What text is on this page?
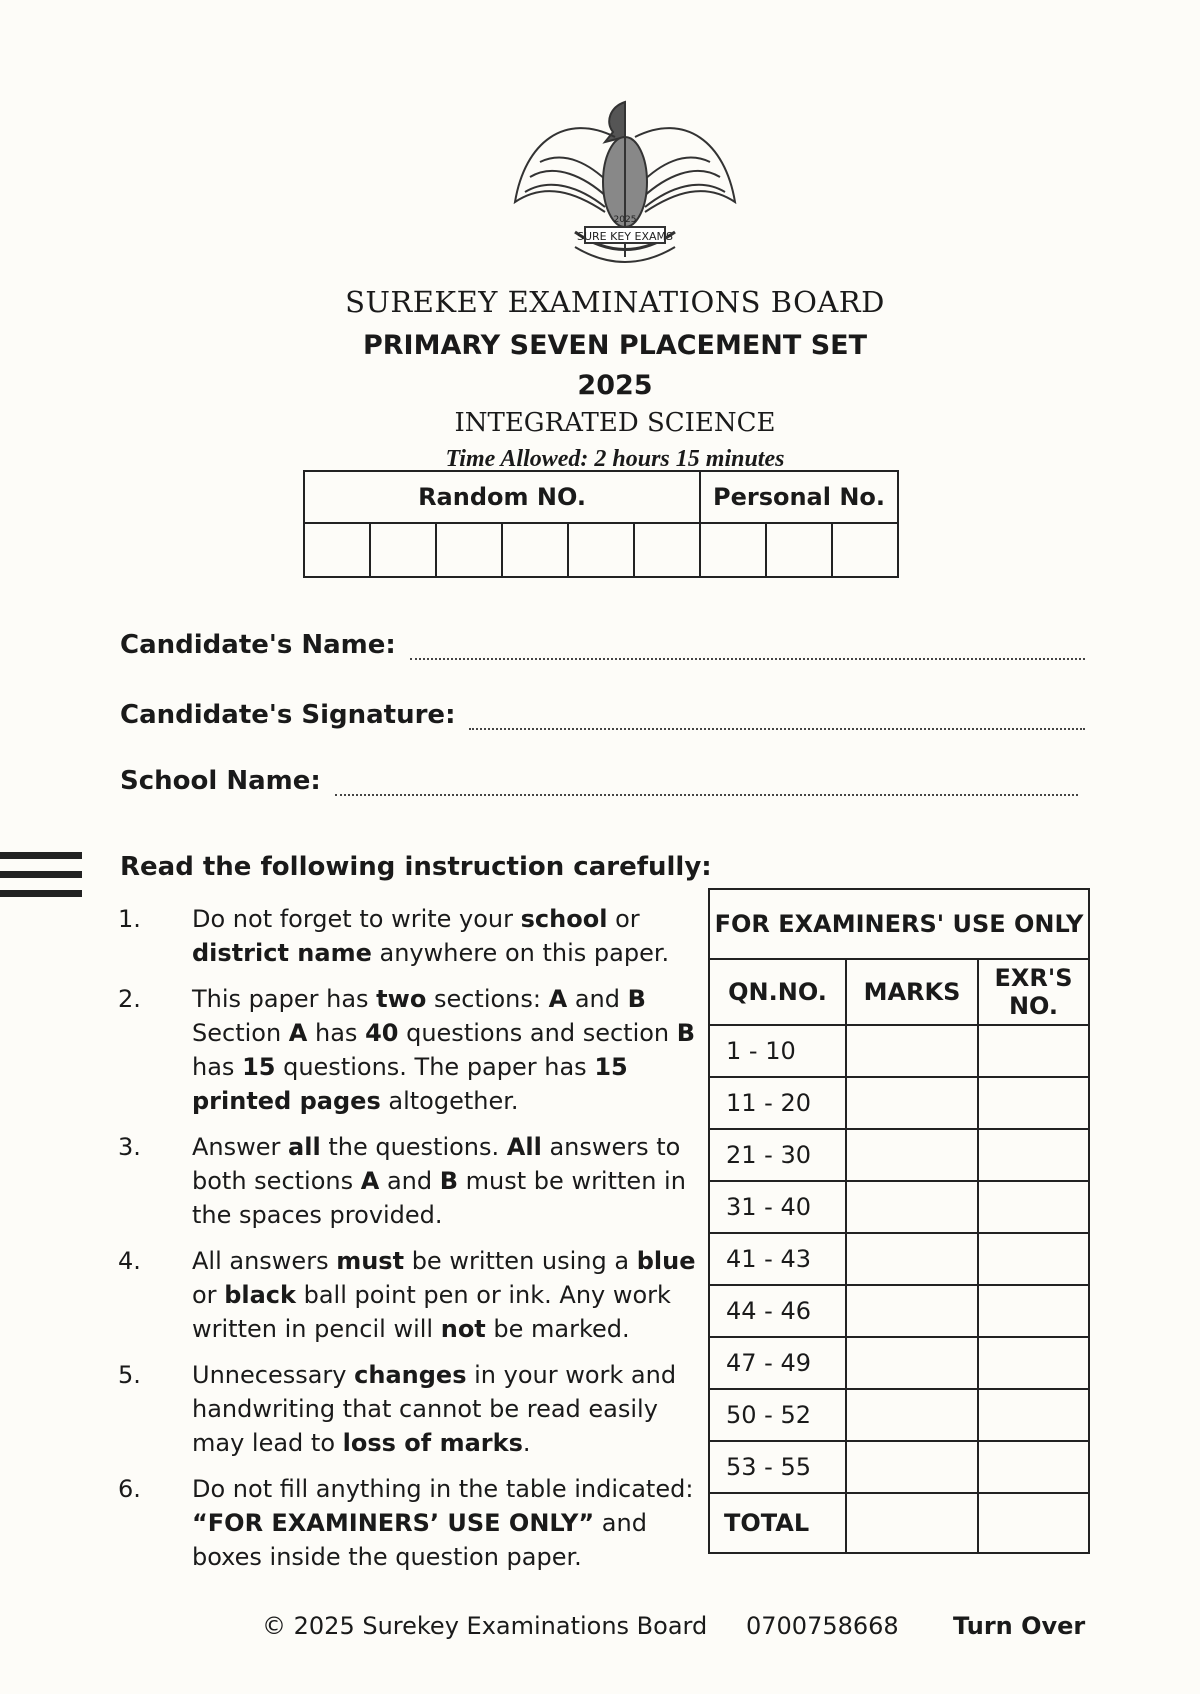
SURE KEY EXAMS
2025
SUREKEY EXAMINATIONS BOARD
PRIMARY SEVEN PLACEMENT SET
2025
INTEGRATED SCIENCE
Time Allowed: 2 hours 15 minutes
Random NO.						Personal No.		

Candidate's Name:
Candidate's Signature:
School Name:
Read the following instruction carefully:
1.	Do not forget to write your school or district name anywhere on this paper.
2.	This paper has two sections: A and B Section A has 40 questions and section B has 15 questions. The paper has 15 printed pages altogether.
3.	Answer all the questions. All answers to both sections A and B must be written in the spaces provided.
4.	All answers must be written using a blue or black ball point pen or ink. Any work written in pencil will not be marked.
5.	Unnecessary changes in your work and handwriting that cannot be read easily may lead to loss of marks.
6.	Do not fill anything in the table indicated: “FOR EXAMINERS’ USE ONLY” and boxes inside the question paper.
FOR EXAMINERS' USE ONLY		
QN.NO.	MARKS	EXR'S NO.
1 - 10		
11 - 20		
21 - 30		
31 - 40		
41 - 43		
44 - 46		
47 - 49		
50 - 52		
53 - 55		
TOTAL		
© 2025 Surekey Examinations Board 0700758668 Turn Over
